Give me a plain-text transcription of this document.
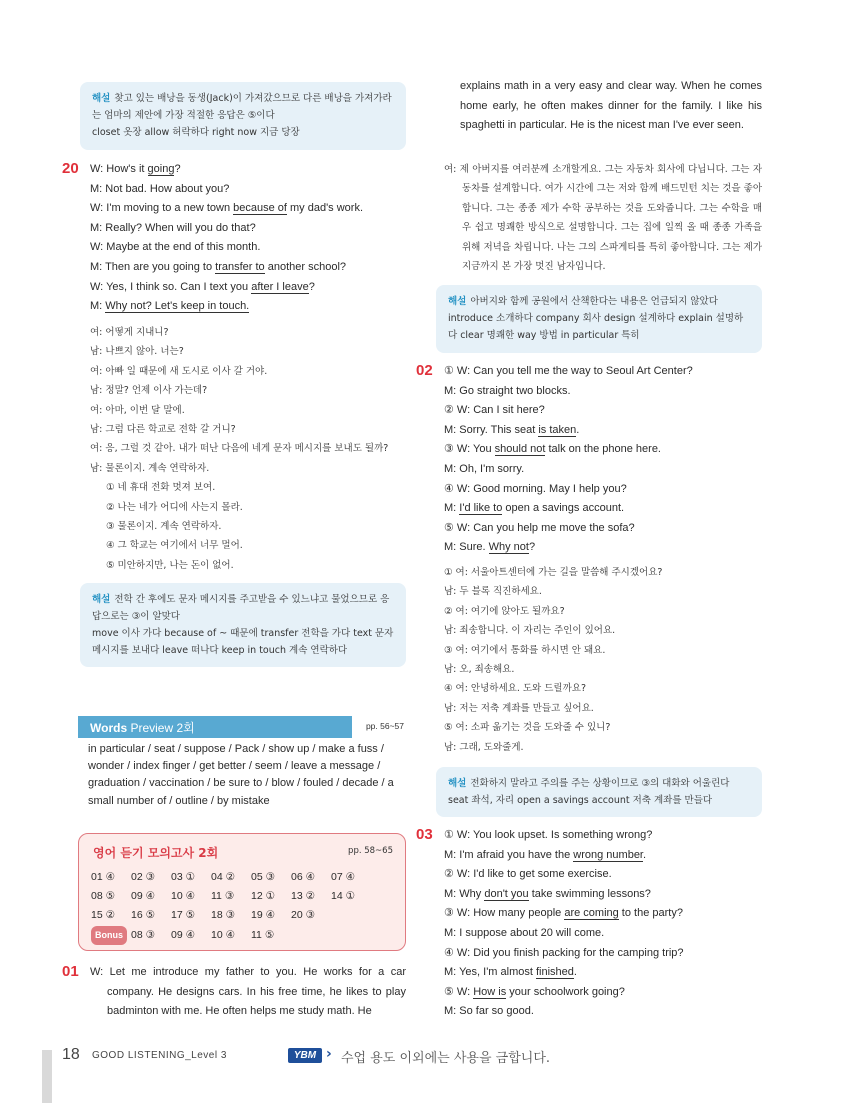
해설 찾고 있는 배낭을 동생(Jack)이 가져갔으므로 다른 배낭을 가져가라는 엄마의 제안에 가장 적절한 응답은 ⑤이다
closet 옷장 allow 허락하다 right now 지금 당장
20 W: How's it going?
M: Not bad. How about you?
W: I'm moving to a new town because of my dad's work.
M: Really? When will you do that?
W: Maybe at the end of this month.
M: Then are you going to transfer to another school?
W: Yes, I think so. Can I text you after I leave?
M: Why not? Let's keep in touch.
여: 어떻게 지내니?
남: 나쁘지 않아. 너는?
여: 아빠 일 때문에 새 도시로 이사 갈 거야.
남: 정말? 언제 이사 가는데?
여: 아마, 이번 달 말에.
남: 그럼 다른 학교로 전학 갈 거니?
여: 응, 그럴 것 같아. 내가 떠난 다음에 네게 문자 메시지를 보내도 될까?
남: 물론이지. 계속 연락하자.
① 네 휴대 전화 멋져 보여.
② 나는 네가 어디에 사는지 몰라.
③ 물론이지. 계속 연락하자.
④ 그 학교는 여기에서 너무 멀어.
⑤ 미안하지만, 나는 돈이 없어.
해설 전학 간 후에도 문자 메시지를 주고받을 수 있느냐고 물었으므로 응답으로는 ③이 알맞다
move 이사 가다 because of ~ 때문에 transfer 전학을 가다 text 문자 메시지를 보내다 leave 떠나다 keep in touch 계속 연락하다
Words Preview 2회	pp. 56~57
in particular / seat / suppose / Pack / show up / make a fuss / wonder / index finger / get better / seem / leave a message / graduation / vaccination / be sure to / blow / fouled / decade / a small number of / outline / by mistake
영어 듣기 모의고사 2회	pp. 58~65
01 ④ 02 ③ 03 ① 04 ② 05 ③ 06 ④ 07 ④
08 ⑤ 09 ④ 10 ④ 11 ③ 12 ① 13 ② 14 ①
15 ② 16 ⑤ 17 ⑤ 18 ③ 19 ④ 20 ③
Bonus 08 ③ 09 ④ 10 ④ 11 ⑤
01 W: Let me introduce my father to you. He works for a car company. He designs cars. In his free time, he likes to play badminton with me. He often helps me study math. He
explains math in a very easy and clear way. When he comes home early, he often makes dinner for the family. I like his spaghetti in particular. He is the nicest man I've ever seen.
여: 제 아버지를 여러분께 소개할게요. 그는 자동차 회사에 다닙니다. 그는 자동차를 설계합니다. 여가 시간에 그는 저와 함께 배드민턴 치는 것을 좋아합니다. 그는 종종 제가 수학 공부하는 것을 도와줍니다. 그는 수학을 매우 쉽고 명쾌한 방식으로 설명합니다. 그는 집에 일찍 올 때 종종 가족을 위해 저녁을 차립니다. 나는 그의 스파게티를 특히 좋아합니다. 그는 제가 지금까지 본 가장 멋진 남자입니다.
해설 아버지와 함께 공원에서 산책한다는 내용은 언급되지 않았다
introduce 소개하다 company 회사 design 설계하다 explain 설명하다 clear 명쾌한 way 방법 in particular 특히
02 ① W: Can you tell me the way to Seoul Art Center?
M: Go straight two blocks.
② W: Can I sit here?
M: Sorry. This seat is taken.
③ W: You should not talk on the phone here.
M: Oh, I'm sorry.
④ W: Good morning. May I help you?
M: I'd like to open a savings account.
⑤ W: Can you help me move the sofa?
M: Sure. Why not?
① 여: 서울아트센터에 가는 길을 말씀해 주시겠어요?
남: 두 블록 직진하세요.
② 여: 여기에 앉아도 될까요?
남: 죄송합니다. 이 자리는 주인이 있어요.
③ 여: 여기에서 통화를 하시면 안 돼요.
남: 오, 죄송해요.
④ 여: 안녕하세요. 도와 드릴까요?
남: 저는 저축 계좌를 만들고 싶어요.
⑤ 여: 소파 옮기는 것을 도와줄 수 있니?
남: 그래, 도와줄게.
해설 전화하지 말라고 주의를 주는 상황이므로 ③의 대화와 어울린다
seat 좌석, 자리 open a savings account 저축 계좌를 만들다
03 ① W: You look upset. Is something wrong?
M: I'm afraid you have the wrong number.
② W: I'd like to get some exercise.
M: Why don't you take swimming lessons?
③ W: How many people are coming to the party?
M: I suppose about 20 will come.
④ W: Did you finish packing for the camping trip?
M: Yes, I'm almost finished.
⑤ W: How is your schoolwork going?
M: So far so good.
18 GOOD LISTENING_Level 3	YBM › 수업 용도 이외에는 사용을 금합니다.
